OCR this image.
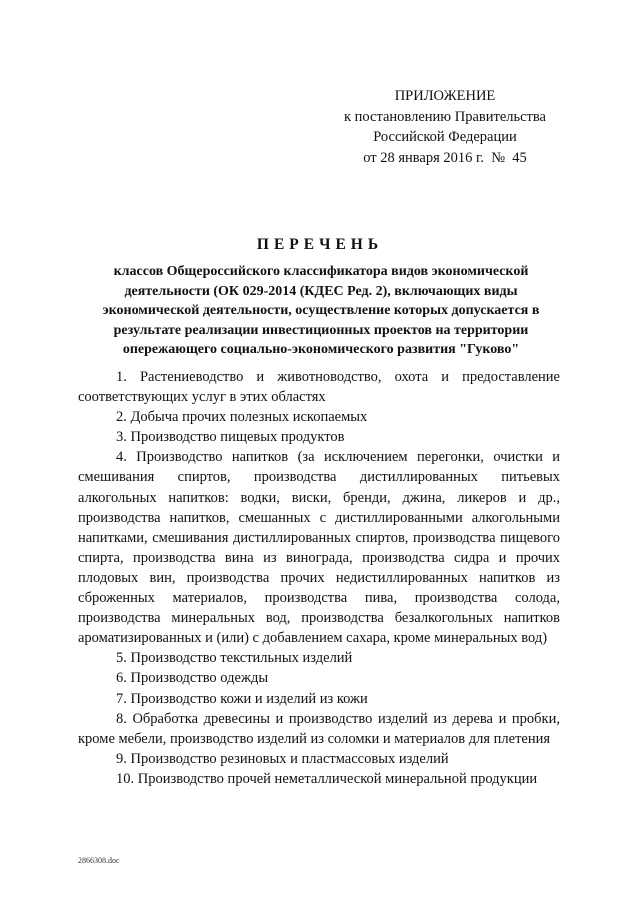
ПРИЛОЖЕНИЕ
к постановлению Правительства
Российской Федерации
от 28 января 2016 г.  №  45
ПЕРЕЧЕНЬ
классов Общероссийского классификатора видов экономической деятельности (ОК 029-2014 (КДЕС Ред. 2), включающих виды экономической деятельности, осуществление которых допускается в результате реализации инвестиционных проектов на территории опережающего социально-экономического развития "Гуково"

1. Растениеводство и животноводство, охота и предоставление соответствующих услуг в этих областях

2. Добыча прочих полезных ископаемых

3. Производство пищевых продуктов

4. Производство напитков (за исключением перегонки, очистки и смешивания спиртов, производства дистиллированных питьевых алкогольных напитков: водки, виски, бренди, джина, ликеров и др., производства напитков, смешанных с дистиллированными алкогольными напитками, смешивания дистиллированных спиртов, производства пищевого спирта, производства вина из винограда, производства сидра и прочих плодовых вин, производства прочих недистиллированных напитков из сброженных материалов, производства пива, производства солода, производства минеральных вод, производства безалкогольных напитков ароматизированных и (или) с добавлением сахара, кроме минеральных вод)

5. Производство текстильных изделий

6. Производство одежды

7. Производство кожи и изделий из кожи

8. Обработка древесины и производство изделий из дерева и пробки, кроме мебели, производство изделий из соломки и материалов для плетения

9. Производство резиновых и пластмассовых изделий

10. Производство прочей неметаллической минеральной продукции

2866308.doc
